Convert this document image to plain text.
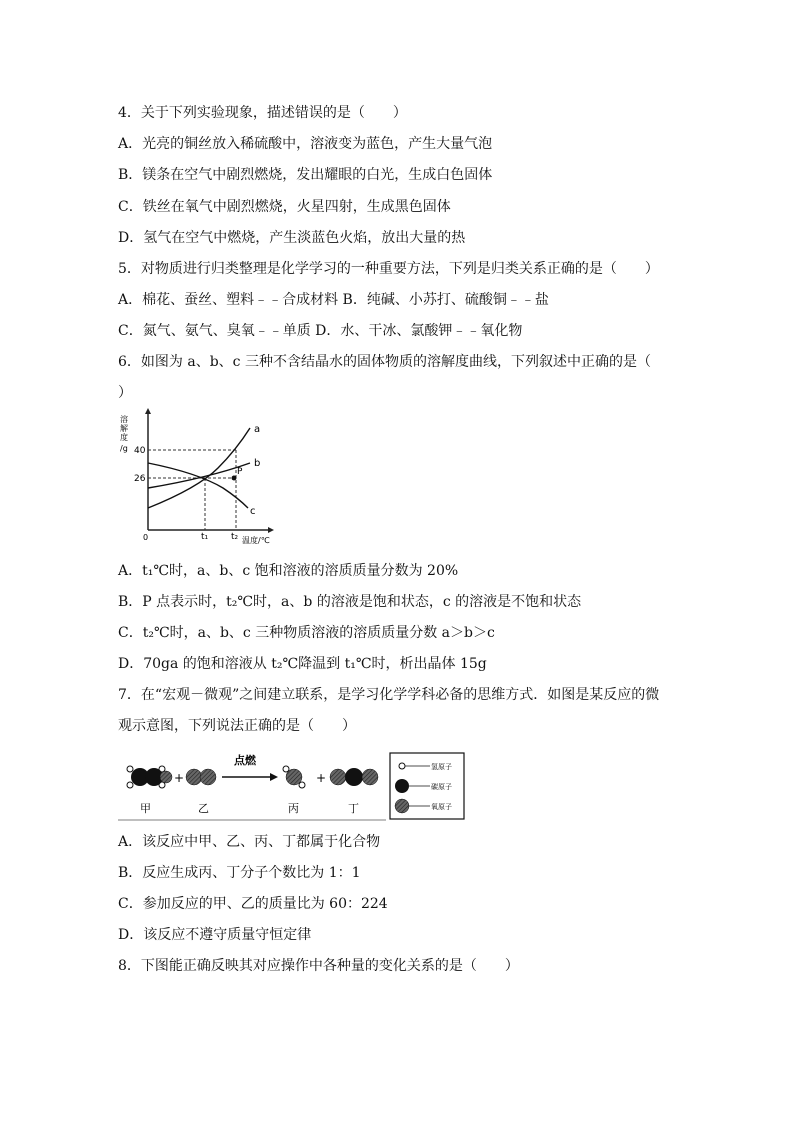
4．关于下列实验现象，描述错误的是（　　）
A．光亮的铜丝放入稀硫酸中，溶液变为蓝色，产生大量气泡
B．镁条在空气中剧烈燃烧，发出耀眼的白光，生成白色固体
C．铁丝在氧气中剧烈燃烧，火星四射，生成黑色固体
D．氢气在空气中燃烧，产生淡蓝色火焰，放出大量的热
5．对物质进行归类整理是化学学习的一种重要方法，下列是归类关系正确的是（　　）
A．棉花、蚕丝、塑料﹣﹣合成材料 B．纯碱、小苏打、硫酸铜﹣﹣盐
C．氮气、氨气、臭氧﹣﹣单质 D．水、干冰、氯酸钾﹣﹣氧化物
6．如图为 a、b、c 三种不含结晶水的固体物质的溶解度曲线，下列叙述中正确的是（
）
溶
解
度
/g 40
26
a
b
c
P
0	t₁	t₂ 温度/℃
A．t₁℃时，a、b、c 饱和溶液的溶质质量分数为 20%
B．P 点表示时，t₂℃时，a、b 的溶液是饱和状态，c 的溶液是不饱和状态
C．t₂℃时，a、b、c 三种物质溶液的溶质质量分数 a＞b＞c
D．70ga 的饱和溶液从 t₂℃降温到 t₁℃时，析出晶体 15g
7．在“宏观－微观”之间建立联系，是学习化学学科必备的思维方式．如图是某反应的微
观示意图，下列说法正确的是（　　）
+
点燃
+
甲	乙	丙	丁
氢原子
碳原子
氧原子
A．该反应中甲、乙、丙、丁都属于化合物
B．反应生成丙、丁分子个数比为 1：1
C．参加反应的甲、乙的质量比为 60：224
D．该反应不遵守质量守恒定律
8．下图能正确反映其对应操作中各种量的变化关系的是（　　）
